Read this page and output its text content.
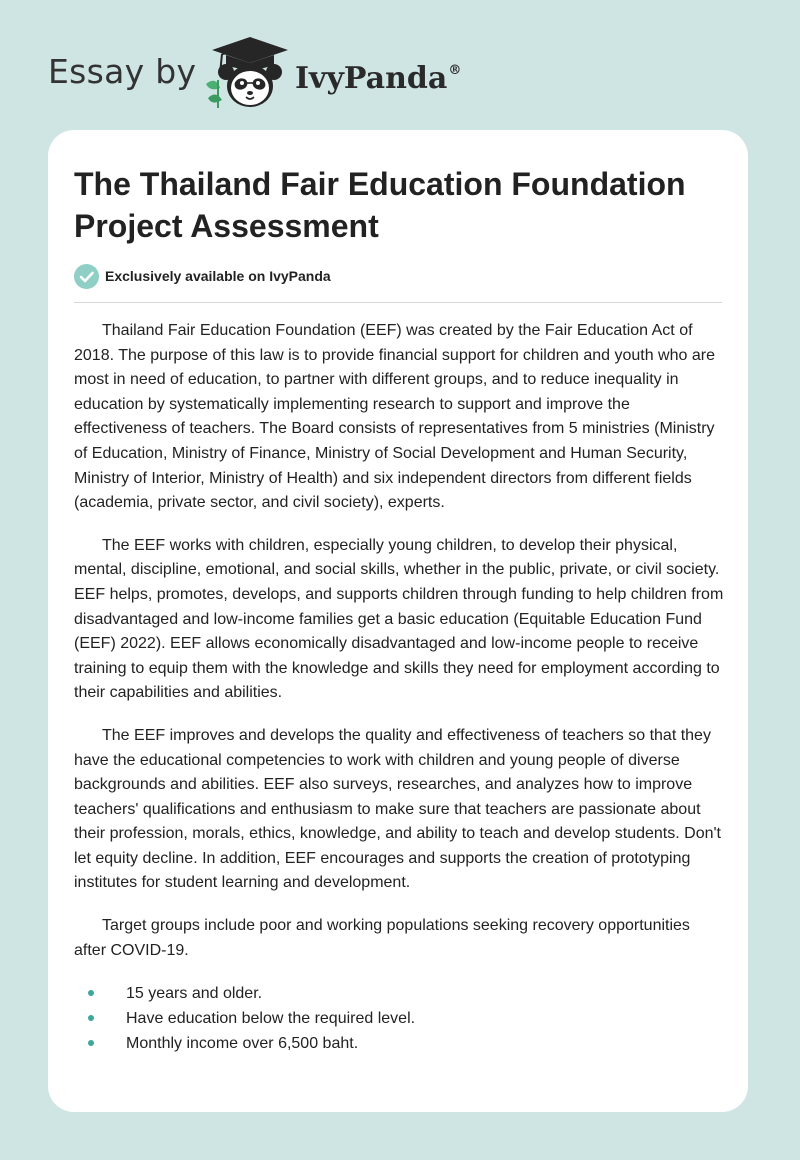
Essay by	IvyPanda®
The Thailand Fair Education Foundation Project Assessment
Exclusively available on IvyPanda

Thailand Fair Education Foundation (EEF) was created by the Fair Education Act of 2018. The purpose of this law is to provide financial support for children and youth who are most in need of education, to partner with different groups, and to reduce inequality in education by systematically implementing research to support and improve the effectiveness of teachers. The Board consists of representatives from 5 ministries (Ministry of Education, Ministry of Finance, Ministry of Social Development and Human Security, Ministry of Interior, Ministry of Health) and six independent directors from different fields (academia, private sector, and civil society), experts.

The EEF works with children, especially young children, to develop their physical, mental, discipline, emotional, and social skills, whether in the public, private, or civil society. EEF helps, promotes, develops, and supports children through funding to help children from disadvantaged and low-income families get a basic education (Equitable Education Fund (EEF) 2022). EEF allows economically disadvantaged and low-income people to receive training to equip them with the knowledge and skills they need for employment according to their capabilities and abilities.

The EEF improves and develops the quality and effectiveness of teachers so that they have the educational competencies to work with children and young people of diverse backgrounds and abilities. EEF also surveys, researches, and analyzes how to improve teachers' qualifications and enthusiasm to make sure that teachers are passionate about their profession, morals, ethics, knowledge, and ability to teach and develop students. Don't let equity decline. In addition, EEF encourages and supports the creation of prototyping institutes for student learning and development.

Target groups include poor and working populations seeking recovery opportunities after COVID-19.

15 years and older.
Have education below the required level.
Monthly income over 6,500 baht.
